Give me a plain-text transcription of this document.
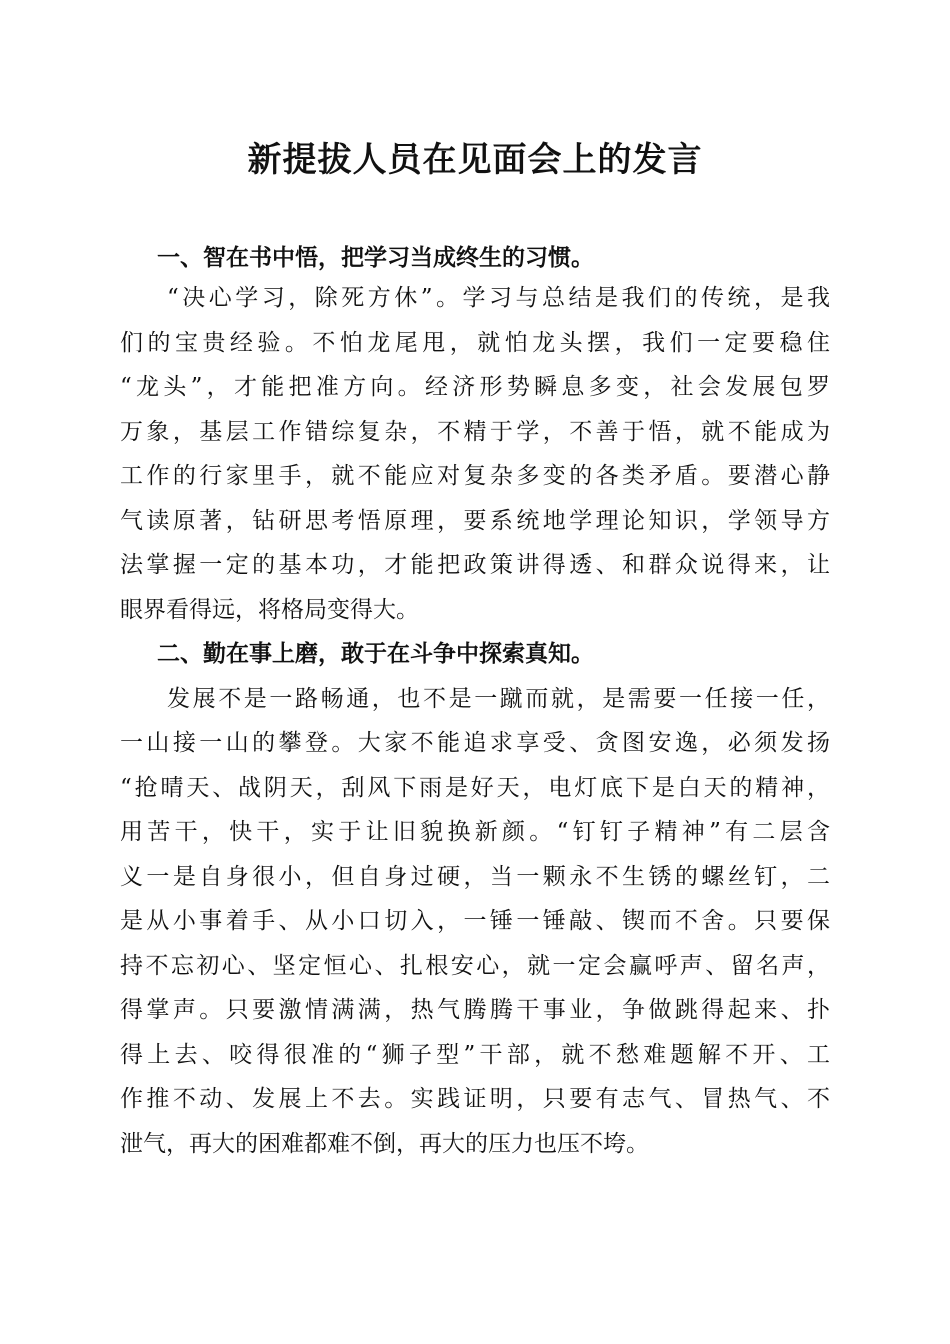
新提拔人员在见面会上的发言

一、智在书中悟，把学习当成终生的习惯。

“决心学习，除死方休”。学习与总结是我们的传统，是我

们的宝贵经验。不怕龙尾甩，就怕龙头摆，我们一定要稳住

“龙头”，才能把准方向。经济形势瞬息多变，社会发展包罗

万象，基层工作错综复杂，不精于学，不善于悟，就不能成为

工作的行家里手，就不能应对复杂多变的各类矛盾。要潜心静

气读原著，钻研思考悟原理，要系统地学理论知识，学领导方

法掌握一定的基本功，才能把政策讲得透、和群众说得来，让

眼界看得远，将格局变得大。

二、勤在事上磨，敢于在斗争中探索真知。

发展不是一路畅通，也不是一蹴而就，是需要一任接一任，

一山接一山的攀登。大家不能追求享受、贪图安逸，必须发扬

“抢晴天、战阴天，刮风下雨是好天，电灯底下是白天的精神，

用苦干，快干，实于让旧貌换新颜。“钉钉子精神”有二层含

义一是自身很小，但自身过硬，当一颗永不生锈的螺丝钉，二

是从小事着手、从小口切入，一锤一锤敲、锲而不舍。只要保

持不忘初心、坚定恒心、扎根安心，就一定会赢呼声、留名声，

得掌声。只要激情满满，热气腾腾干事业，争做跳得起来、扑

得上去、咬得很准的“狮子型”干部，就不愁难题解不开、工

作推不动、发展上不去。实践证明，只要有志气、冒热气、不

泄气，再大的困难都难不倒，再大的压力也压不垮。
